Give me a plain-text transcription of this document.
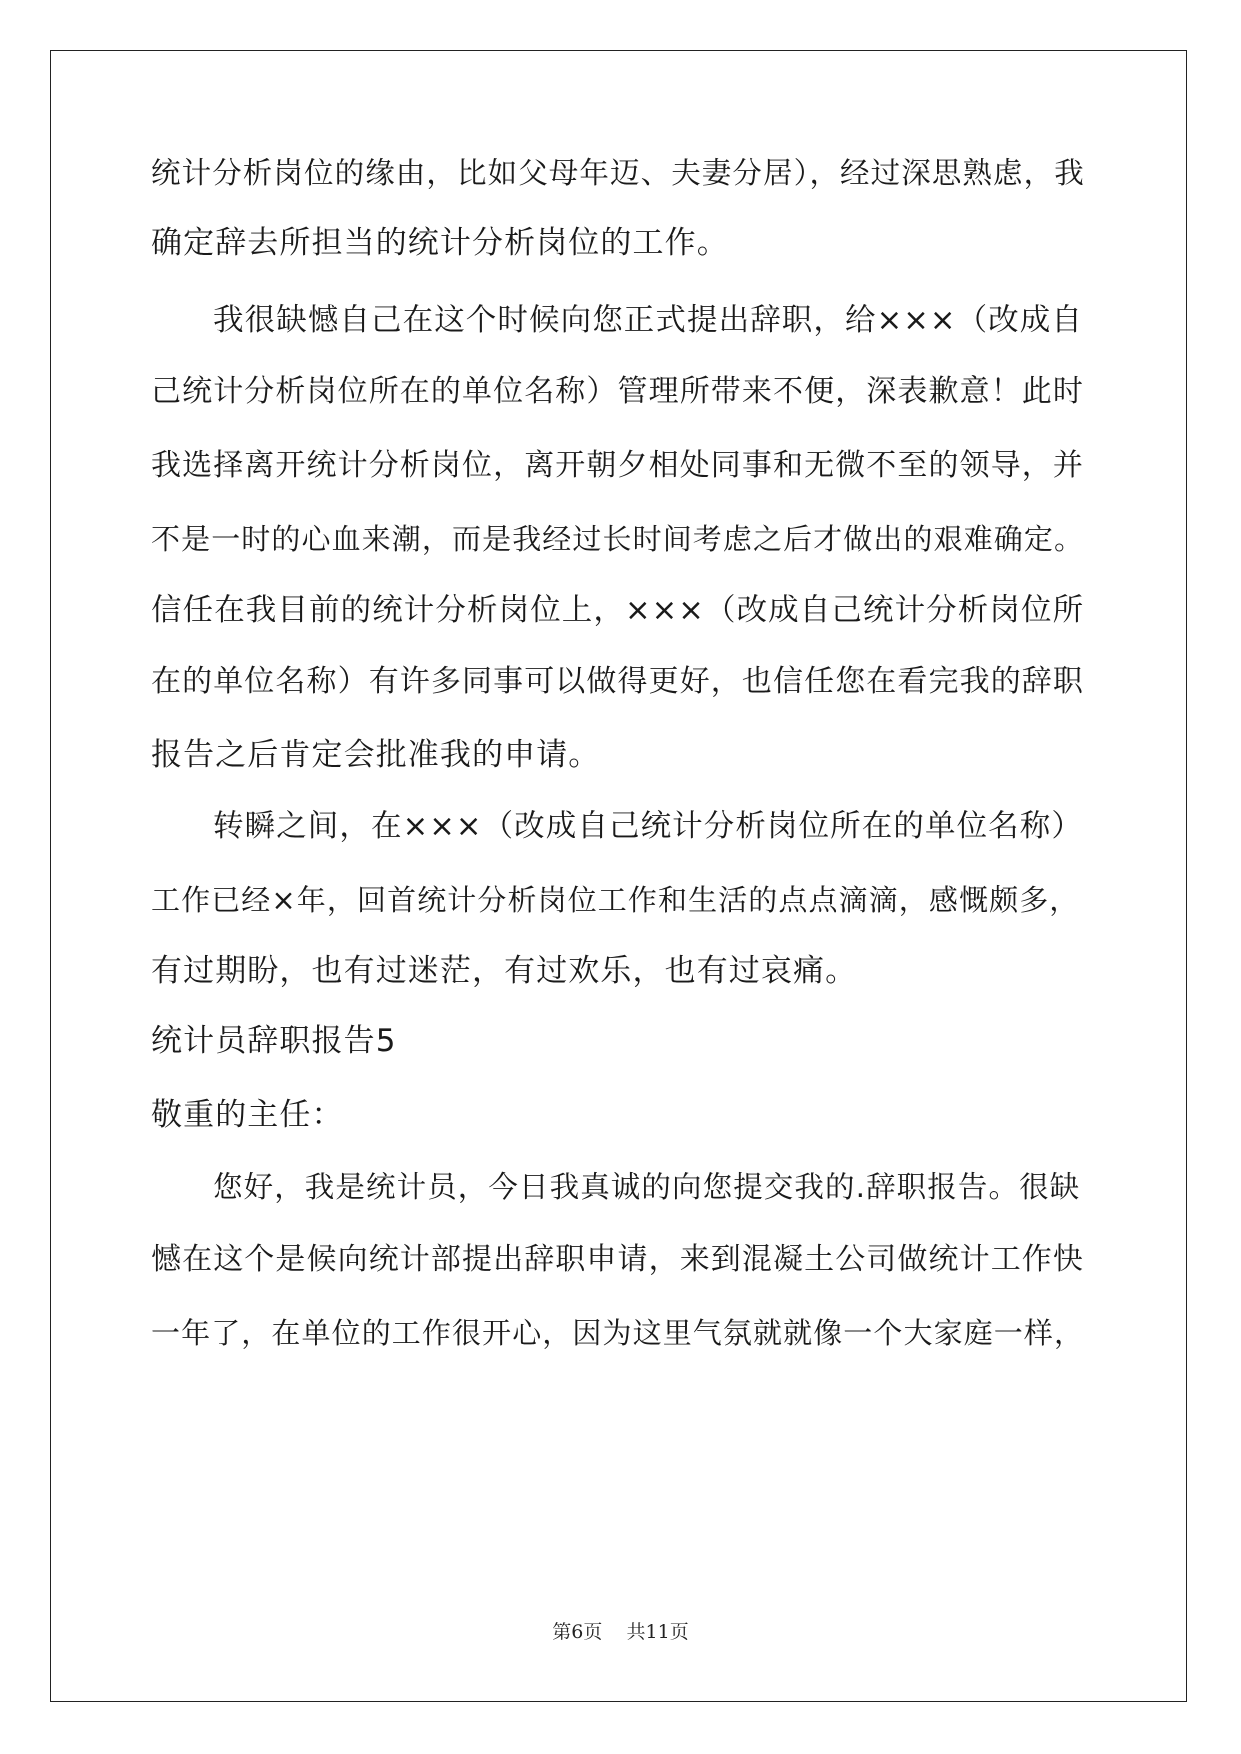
统计分析岗位的缘由，比如父母年迈、夫妻分居），经过深思熟虑，我
确定辞去所担当的统计分析岗位的工作。
我很缺憾自己在这个时候向您正式提出辞职，给×××（改成自
己统计分析岗位所在的单位名称）管理所带来不便，深表歉意！此时
我选择离开统计分析岗位，离开朝夕相处同事和无微不至的领导，并
不是一时的心血来潮，而是我经过长时间考虑之后才做出的艰难确定。
信任在我目前的统计分析岗位上，×××（改成自己统计分析岗位所
在的单位名称）有许多同事可以做得更好，也信任您在看完我的辞职
报告之后肯定会批准我的申请。
转瞬之间，在×××（改成自己统计分析岗位所在的单位名称）
工作已经×年，回首统计分析岗位工作和生活的点点滴滴，感慨颇多，
有过期盼，也有过迷茫，有过欢乐，也有过哀痛。
统计员辞职报告5
敬重的主任：
您好，我是统计员，今日我真诚的向您提交我的.辞职报告。很缺
憾在这个是候向统计部提出辞职申请，来到混凝土公司做统计工作快
一年了，在单位的工作很开心，因为这里气氛就就像一个大家庭一样，
第6页 共11页
